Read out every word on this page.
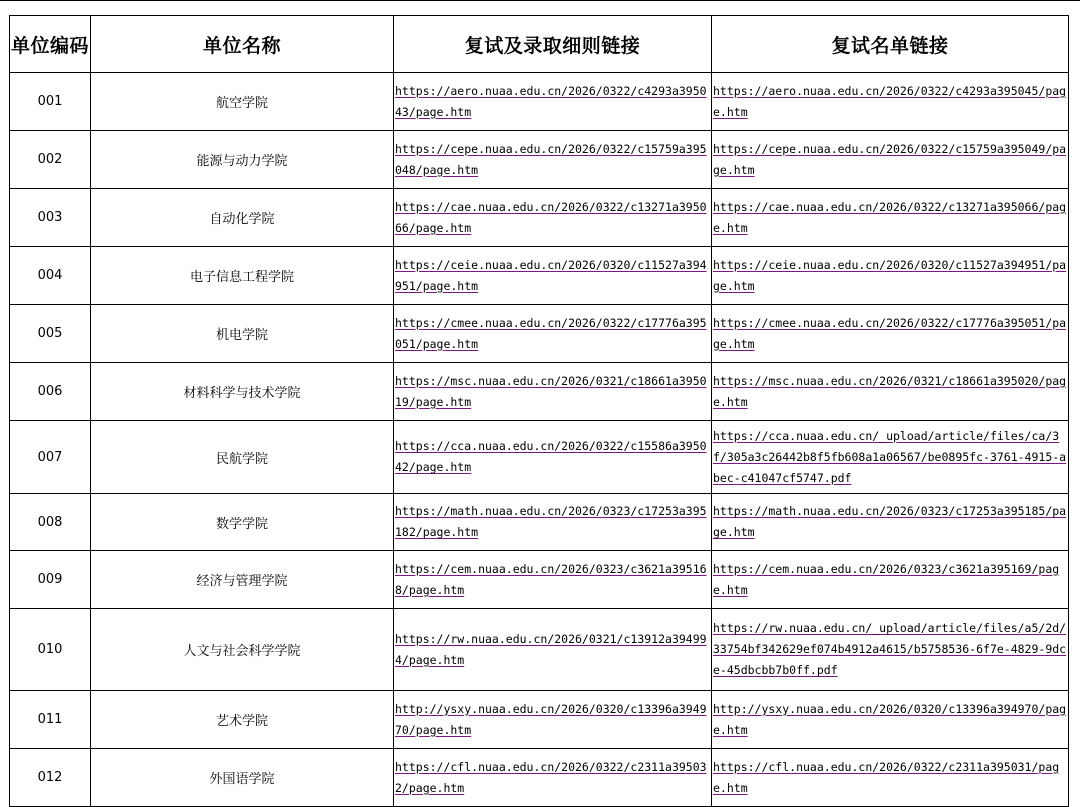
单位编码	单位名称	复试及录取细则链接	复试名单链接
001	航空学院	https://aero.nuaa.edu.cn/2026/0322/c4293a395043/page.htm	https://aero.nuaa.edu.cn/2026/0322/c4293a395045/page.htm

002	能源与动力学院	https://cepe.nuaa.edu.cn/2026/0322/c15759a395048/page.htm	https://cepe.nuaa.edu.cn/2026/0322/c15759a395049/page.htm

003	自动化学院	https://cae.nuaa.edu.cn/2026/0322/c13271a395066/page.htm	https://cae.nuaa.edu.cn/2026/0322/c13271a395066/page.htm

004	电子信息工程学院	https://ceie.nuaa.edu.cn/2026/0320/c11527a394951/page.htm	https://ceie.nuaa.edu.cn/2026/0320/c11527a394951/page.htm

005	机电学院	https://cmee.nuaa.edu.cn/2026/0322/c17776a395051/page.htm	https://cmee.nuaa.edu.cn/2026/0322/c17776a395051/page.htm

006	材料科学与技术学院	https://msc.nuaa.edu.cn/2026/0321/c18661a395019/page.htm	https://msc.nuaa.edu.cn/2026/0321/c18661a395020/page.htm

007	民航学院	https://cca.nuaa.edu.cn/2026/0322/c15586a395042/page.htm	https://cca.nuaa.edu.cn/_upload/article/files/ca/3f/305a3c26442b8f5fb608a1a06567/be0895fc-3761-4915-abec-c41047cf5747.pdf

008	数学学院	https://math.nuaa.edu.cn/2026/0323/c17253a395182/page.htm	https://math.nuaa.edu.cn/2026/0323/c17253a395185/page.htm

009	经济与管理学院	https://cem.nuaa.edu.cn/2026/0323/c3621a395168/page.htm	https://cem.nuaa.edu.cn/2026/0323/c3621a395169/page.htm

010	人文与社会科学学院	https://rw.nuaa.edu.cn/2026/0321/c13912a394994/page.htm	https://rw.nuaa.edu.cn/_upload/article/files/a5/2d/33754bf342629ef074b4912a4615/b5758536-6f7e-4829-9dce-45dbcbb7b0ff.pdf

011	艺术学院	http://ysxy.nuaa.edu.cn/2026/0320/c13396a394970/page.htm	http://ysxy.nuaa.edu.cn/2026/0320/c13396a394970/page.htm

012	外国语学院	https://cfl.nuaa.edu.cn/2026/0322/c2311a395032/page.htm	https://cfl.nuaa.edu.cn/2026/0322/c2311a395031/page.htm
